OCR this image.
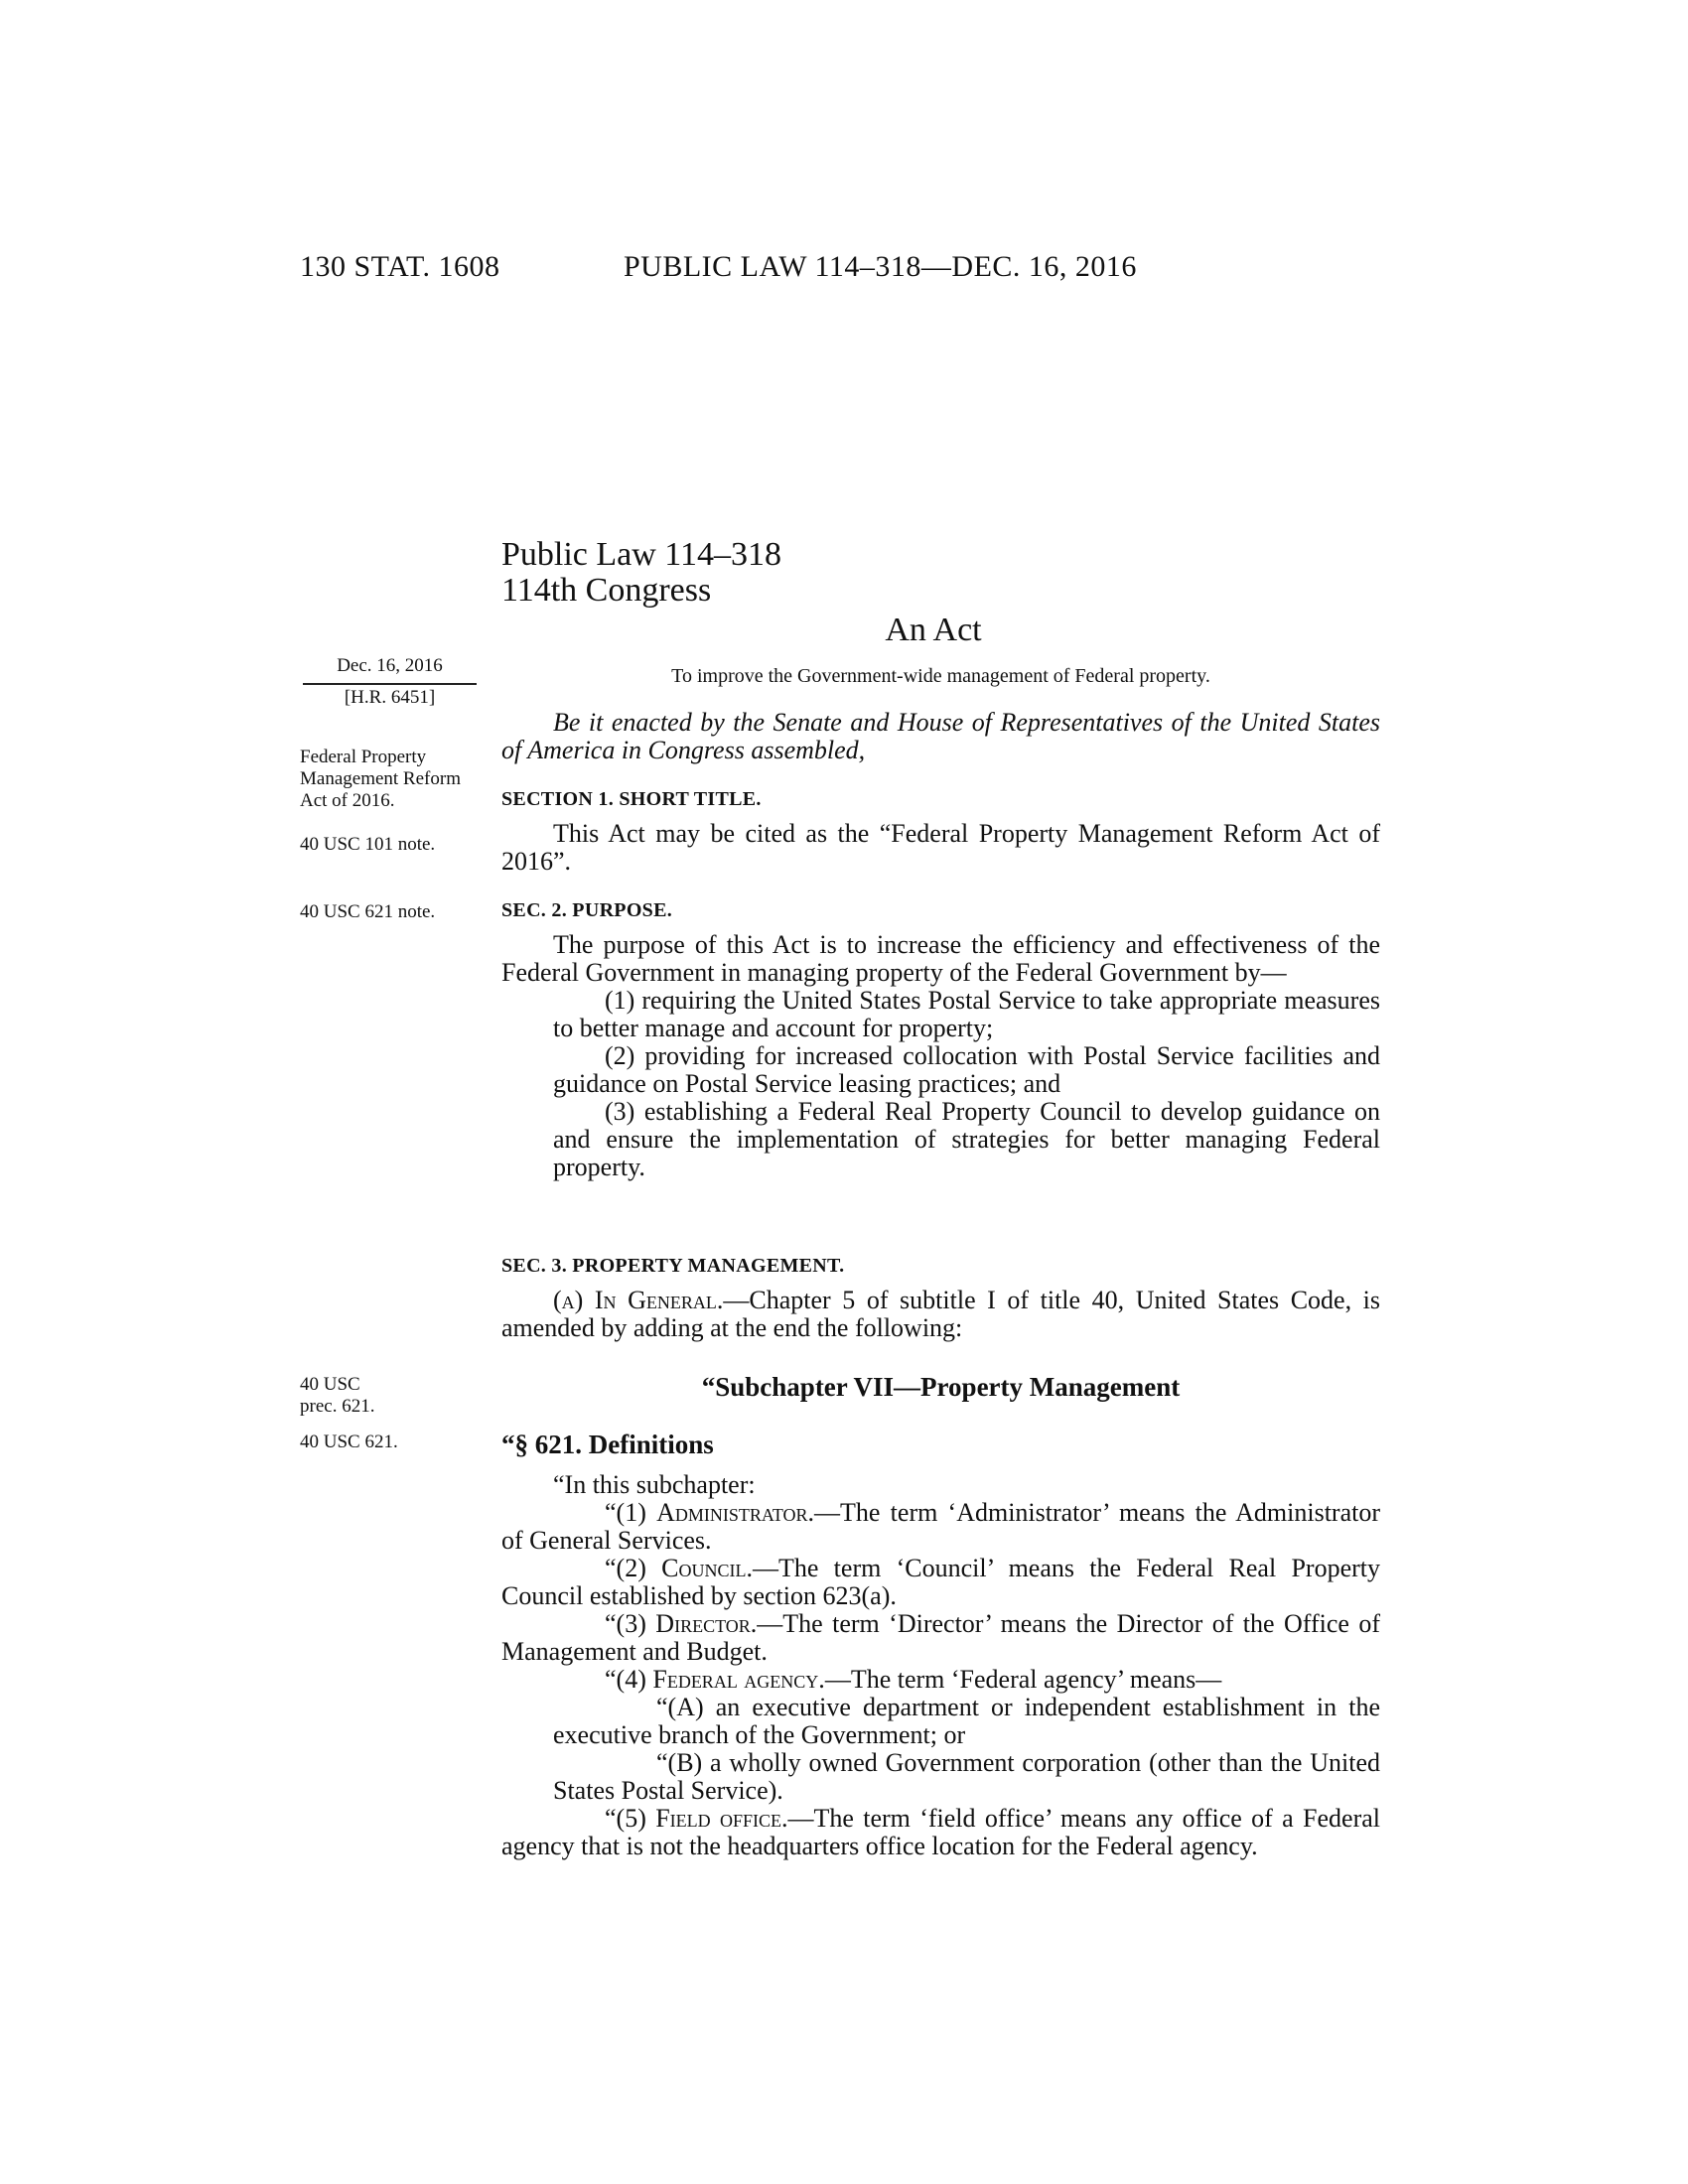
130 STAT. 1608	PUBLIC LAW 114–318—DEC. 16, 2016
Public Law 114–318
114th Congress
An Act
To improve the Government-wide management of Federal property.
Dec. 16, 2016
[H.R. 6451]
Federal Property Management Reform Act of 2016.
40 USC 101 note.
40 USC 621 note.
40 USC
prec. 621.
40 USC 621.

Be it enacted by the Senate and House of Representatives of the United States of America in Congress assembled,

SECTION 1. SHORT TITLE.

This Act may be cited as the “Federal Property Management Reform Act of 2016”.

SEC. 2. PURPOSE.

The purpose of this Act is to increase the efficiency and effectiveness of the Federal Government in managing property of the Federal Government by—

(1) requiring the United States Postal Service to take appropriate measures to better manage and account for property;

(2) providing for increased collocation with Postal Service facilities and guidance on Postal Service leasing practices; and

(3) establishing a Federal Real Property Council to develop guidance on and ensure the implementation of strategies for better managing Federal property.

SEC. 3. PROPERTY MANAGEMENT.

(a) In General.—Chapter 5 of subtitle I of title 40, United States Code, is amended by adding at the end the following:

“Subchapter VII—Property Management
“§ 621. Definitions

“In this subchapter:

“(1) Administrator.—The term ‘Administrator’ means the Administrator of General Services.

“(2) Council.—The term ‘Council’ means the Federal Real Property Council established by section 623(a).

“(3) Director.—The term ‘Director’ means the Director of the Office of Management and Budget.

“(4) Federal agency.—The term ‘Federal agency’ means—

“(A) an executive department or independent establishment in the executive branch of the Government; or

“(B) a wholly owned Government corporation (other than the United States Postal Service).

“(5) Field office.—The term ‘field office’ means any office of a Federal agency that is not the headquarters office location for the Federal agency.
